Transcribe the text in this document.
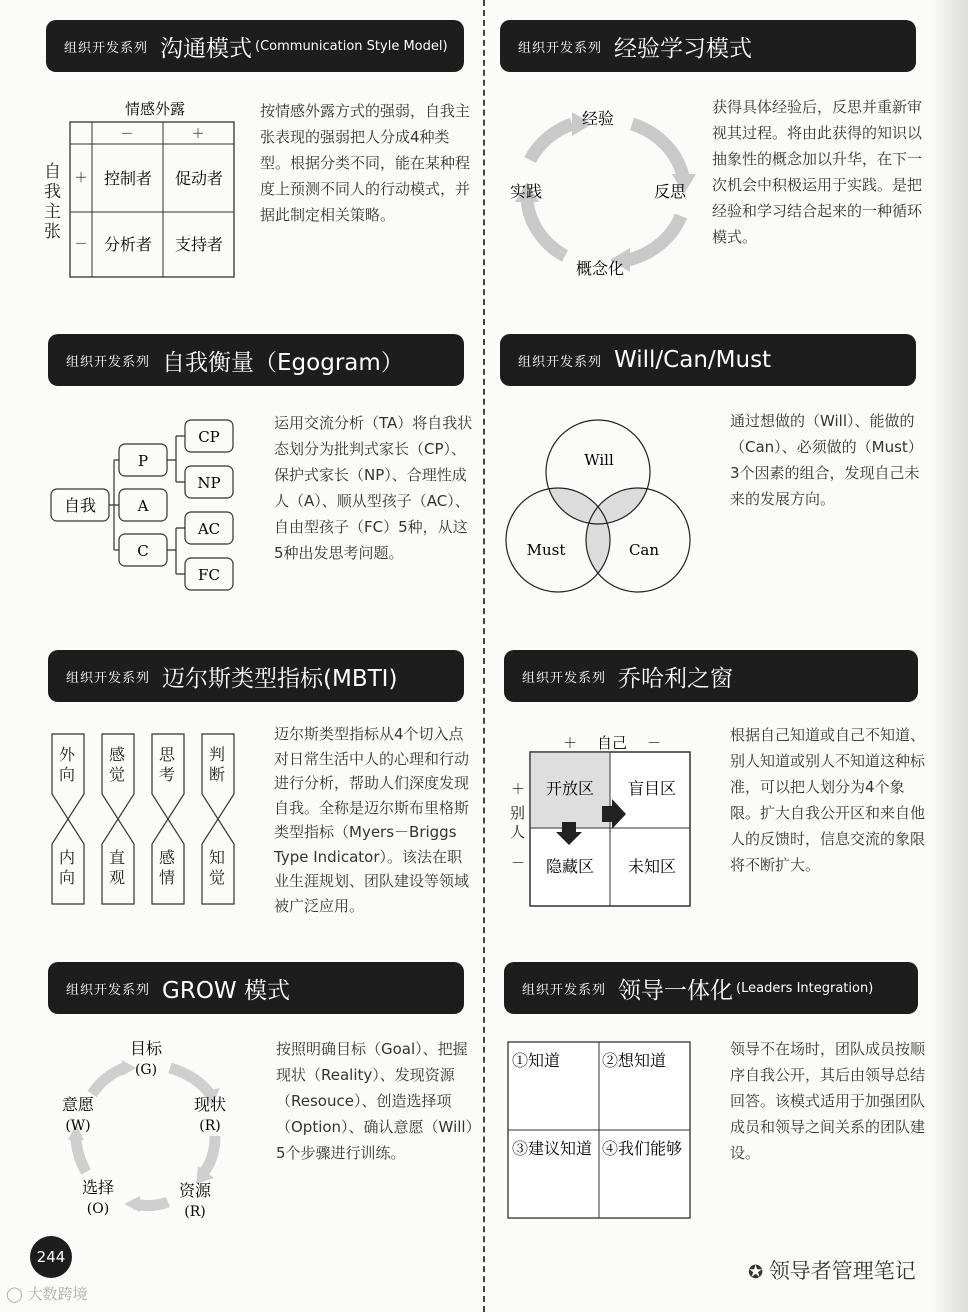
组织开发系列 沟通模式 (Communication Style Model)
情感外露
－	＋
＋
－
控制者 促动者
分析者 支持者
自我主张

按情感外露方式的强弱，自我主张表现的强弱把人分成4种类型。根据分类不同，能在某种程度上预测不同人的行动模式，并据此制定相关策略。

组织开发系列 经验学习模式
经验
反思
概念化
实践

获得具体经验后，反思并重新审视其过程。将由此获得的知识以抽象性的概念加以升华，在下一次机会中积极运用于实践。是把经验和学习结合起来的一种循环模式。

组织开发系列 自我衡量（Egogram）
自我
P
A
C
CP
NP
AC
FC

运用交流分析（TA）将自我状态划分为批判式家长（CP）、保护式家长（NP）、合理性成人（A）、顺从型孩子（AC）、自由型孩子（FC）5种，从这5种出发思考问题。

组织开发系列 Will/Can/Must
Will
Must	Can

通过想做的（Will）、能做的（Can）、必须做的（Must）3个因素的组合，发现自己未来的发展方向。

组织开发系列 迈尔斯类型指标(MBTI)
外向
内向
感觉
直观
思考
感情
判断
知觉

迈尔斯类型指标从4个切入点对日常生活中人的心理和行动进行分析，帮助人们深度发现自我。全称是迈尔斯布里格斯类型指标（Myers－Briggs Type Indicator）。该法在职业生涯规划、团队建设等领域被广泛应用。

组织开发系列 乔哈利之窗
＋ 自己 －
开放区 盲目区
隐藏区 未知区
＋
－
别人

根据自己知道或自己不知道、别人知道或别人不知道这种标准，可以把人划分为4个象限。扩大自我公开区和来自他人的反馈时，信息交流的象限将不断扩大。

组织开发系列 GROW 模式
目标
(G)
现状
(R)
资源
(R)
选择
(O)
意愿
(W)

按照明确目标（Goal）、把握现状（Reality）、发现资源（Resouce）、创造选择项（Option）、确认意愿（Will）5个步骤进行训练。

组织开发系列 领导一体化 (Leaders Integration)
①知道	②想知道
③建议知道 ④我们能够

领导不在场时，团队成员按顺序自我公开，其后由领导总结回答。该模式适用于加强团队成员和领导之间关系的团队建设。

244
◯ 大数跨境
✪ 领导者管理笔记
